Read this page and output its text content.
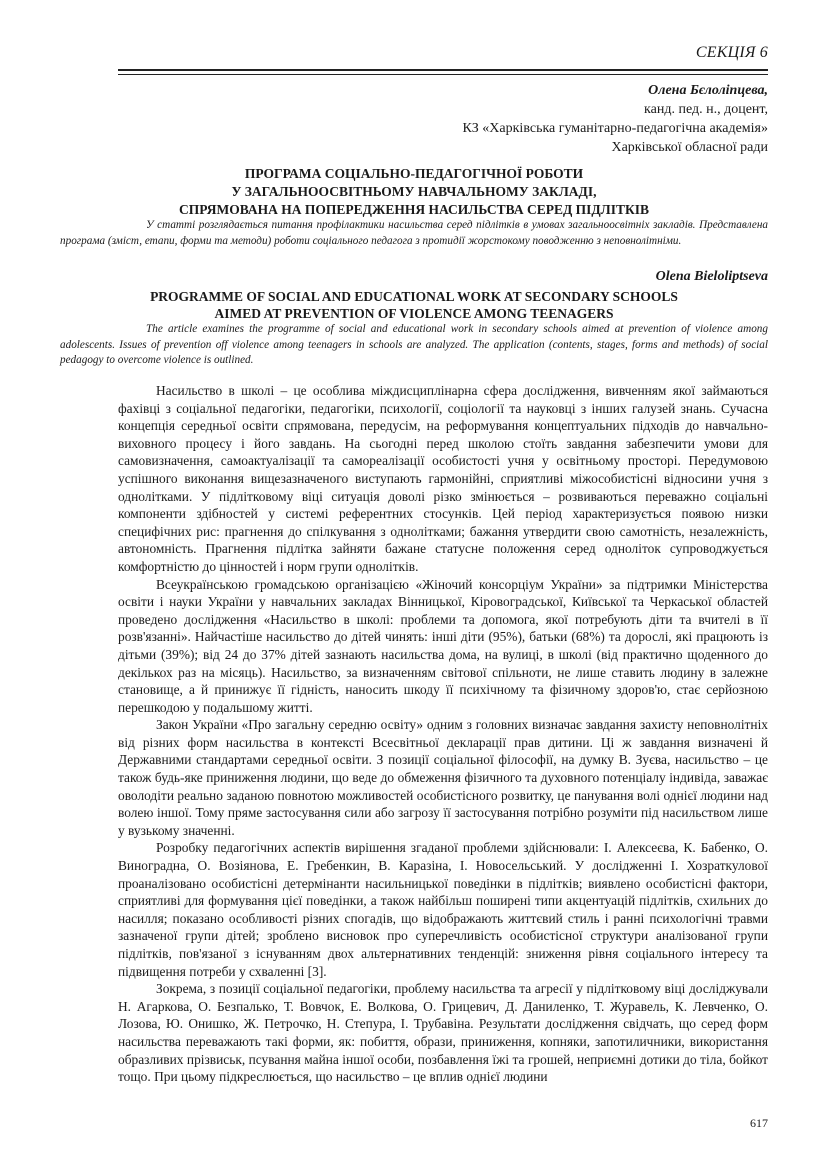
СЕКЦІЯ 6
Олена Бєлолiпцева,
канд. пед. н., доцент,
КЗ «Харківська гуманітарно-педагогічна академія»
Харківської обласної ради
ПРОГРАМА СОЦІАЛЬНО-ПЕДАГОГІЧНОЇ РОБОТИ
У ЗАГАЛЬНООСВІТНЬОМУ НАВЧАЛЬНОМУ ЗАКЛАДІ,
СПРЯМОВАНА НА ПОПЕРЕДЖЕННЯ НАСИЛЬСТВА СЕРЕД ПІДЛІТКІВ
У статті розглядається питання профілактики насильства серед підлітків в умовах загальноосвітніх закладів. Представлена програма (зміст, етапи, форми та методи) роботи соціального педагога з протидії жорстокому поводженню з неповнолітніми.
Olena Bieloliptseva
PROGRAMME OF SOCIAL AND EDUCATIONAL WORK AT SECONDARY SCHOOLS
AIMED AT PREVENTION OF VIOLENCE AMONG TEENAGERS
The article examines the programme of social and educational work in secondary schools aimed at prevention of violence among adolescents. Issues of prevention off violence among teenagers in schools are analyzed. The application (contents, stages, forms and methods) of social pedagogy to overcome violence is outlined.

Насильство в школі – це особлива міждисциплінарна сфера дослідження, вивченням якої займаються фахівці з соціальної педагогіки, педагогіки, психології, соціології та науковці з інших галузей знань. Сучасна концепція середньої освіти спрямована, передусім, на реформування концептуальних підходів до навчально-виховного процесу і його завдань. На сьогодні перед школою стоїть завдання забезпечити умови для самовизначення, самоактуалізації та самореалізації особистості учня у освітньому просторі. Передумовою успішного виконання вищезазначеного виступають гармонійні, сприятливі міжособистісні відносини учня з однолітками. У підлітковому віці ситуація доволі різко змінюється – розвиваються переважно соціальні компоненти здібностей у системі референтних стосунків. Цей період характеризується появою низки специфічних рис: прагнення до спілкування з однолітками; бажання утвердити свою самотність, незалежність, автономність. Прагнення підлітка зайняти бажане статусне положення серед одноліток супроводжується комфортністю до цінностей і норм групи однолітків.

Всеукраїнською громадською організацією «Жіночий консорціум України» за підтримки Міністерства освіти і науки України у навчальних закладах Вінницької, Кіровоградської, Київської та Черкаської областей проведено дослідження «Насильство в школі: проблеми та допомога, якої потребують діти та вчителі в її розв'язанні». Найчастіше насильство до дітей чинять: інші діти (95%), батьки (68%) та дорослі, які працюють із дітьми (39%); від 24 до 37% дітей зазнають насильства дома, на вулиці, в школі (від практично щоденного до декількох раз на місяць). Насильство, за визначенням світової спільноти, не лише ставить людину в залежне становище, а й принижує її гідність, наносить шкоду її психічному та фізичному здоров'ю, стає серйозною перешкодою у подальшому житті.

Закон України «Про загальну середню освіту» одним з головних визначає завдання захисту неповнолітніх від різних форм насильства в контексті Всесвітньої декларації прав дитини. Ці ж завдання визначені й Державними стандартами середньої освіти. З позиції соціальної філософії, на думку В. Зуєва, насильство – це також будь-яке приниження людини, що веде до обмеження фізичного та духовного потенціалу індивіда, заважає оволодіти реально заданою повнотою можливостей особистісного розвитку, це панування волі однієї людини над волею іншої. Тому пряме застосування сили або загрозу її застосування потрібно розуміти під насильством лише у вузькому значенні.

Розробку педагогічних аспектів вирішення згаданої проблеми здійснювали: І. Алексеєва, К. Бабенко, О. Виноградна, О. Возіянова, Е. Гребенкин, В. Каразіна, І. Новосельський. У дослідженні І. Хозраткулової проаналізовано особистісні детермінанти насильницької поведінки в підлітків; виявлено особистісні фактори, сприятливі для формування цієї поведінки, а також найбільш поширені типи акцентуацій підлітків, схильних до насилля; показано особливості різних спогадів, що відображають життєвий стиль і ранні психологічні травми зазначеної групи дітей; зроблено висновок про суперечливість особистісної структури аналізованої групи підлітків, пов'язаної з існуванням двох альтернативних тенденцій: зниження рівня соціального інтересу та підвищення потреби у схваленні [3].

Зокрема, з позиції соціальної педагогіки, проблему насильства та агресії у підлітковому віці досліджували Н. Агаркова, О. Безпалько, Т. Вовчок, Е. Волкова, О. Грицевич, Д. Даниленко, Т. Журавель, К. Левченко, О. Лозова, Ю. Онишко, Ж. Петрочко, Н. Степура, І. Трубавіна. Результати дослідження свідчать, що серед форм насильства переважають такі форми, як: побиття, образи, приниження, копняки, запотиличники, використання образливих прізвиськ, псування майна іншої особи, позбавлення їжі та грошей, неприємні дотики до тіла, бойкот тощо. При цьому підкреслюється, що насильство – це вплив однієї людини

617
